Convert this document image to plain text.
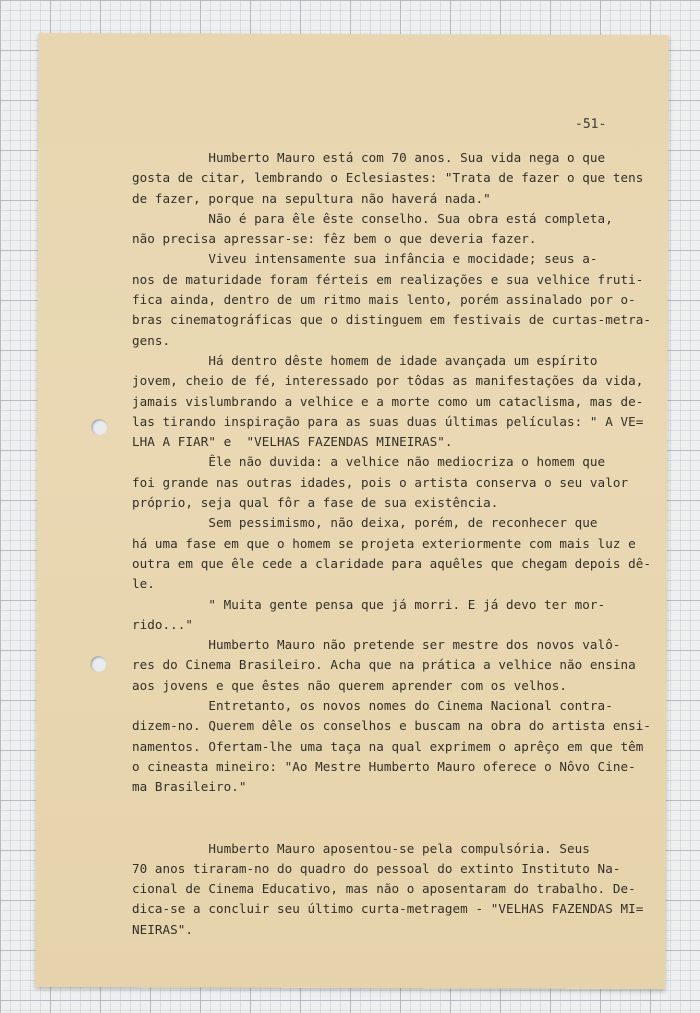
-51-
Humberto Mauro está com 70 anos. Sua vida nega o que
gosta de citar, lembrando o Eclesiastes: "Trata de fazer o que tens
de fazer, porque na sepultura não haverá nada."
Não é para êle êste conselho. Sua obra está completa,
não precisa apressar-se: fêz bem o que deveria fazer.
Viveu intensamente sua infância e mocidade; seus a-
nos de maturidade foram férteis em realizações e sua velhice fruti-
fica ainda, dentro de um ritmo mais lento, porém assinalado por o-
bras cinematográficas que o distinguem em festivais de curtas-metra-
gens.
Há dentro dêste homem de idade avançada um espírito
jovem, cheio de fé, interessado por tôdas as manifestações da vida,
jamais vislumbrando a velhice e a morte como um cataclisma, mas de-
las tirando inspiração para as suas duas últimas películas: " A VE=
LHA A FIAR" e  "VELHAS FAZENDAS MINEIRAS".
Êle não duvida: a velhice não mediocriza o homem que
foi grande nas outras idades, pois o artista conserva o seu valor
próprio, seja qual fôr a fase de sua existência.
Sem pessimismo, não deixa, porém, de reconhecer que
há uma fase em que o homem se projeta exteriormente com mais luz e
outra em que êle cede a claridade para aquêles que chegam depois dê-
le.
" Muita gente pensa que já morri. E já devo ter mor-
rido..."
Humberto Mauro não pretende ser mestre dos novos valô-
res do Cinema Brasileiro. Acha que na prática a velhice não ensina
aos jovens e que êstes não querem aprender com os velhos.
Entretanto, os novos nomes do Cinema Nacional contra-
dizem-no. Querem dêle os conselhos e buscam na obra do artista ensi-
namentos. Ofertam-lhe uma taça na qual exprimem o aprêço em que têm
o cineasta mineiro: "Ao Mestre Humberto Mauro oferece o Nôvo Cine-
ma Brasileiro."
Humberto Mauro aposentou-se pela compulsória. Seus
70 anos tiraram-no do quadro do pessoal do extinto Instituto Na-
cional de Cinema Educativo, mas não o aposentaram do trabalho. De-
dica-se a concluir seu último curta-metragem - "VELHAS FAZENDAS MI=
NEIRAS".
